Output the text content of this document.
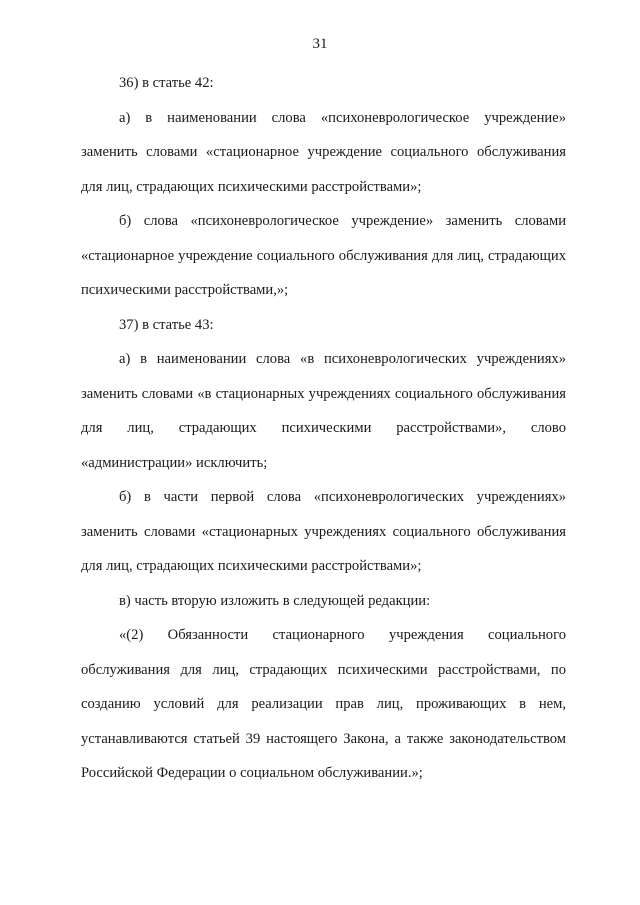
31

36) в статье 42:

а) в наименовании слова «психоневрологическое учреждение» заменить словами «стационарное учреждение социального обслуживания для лиц, страдающих психическими расстройствами»;

б) слова «психоневрологическое учреждение» заменить словами «стационарное учреждение социального обслуживания для лиц, страдающих психическими расстройствами,»;

37) в статье 43:

а) в наименовании слова «в психоневрологических учреждениях» заменить словами «в стационарных учреждениях социального обслуживания для лиц, страдающих психическими расстройствами», слово «администрации» исключить;

б) в части первой слова «психоневрологических учреждениях» заменить словами «стационарных учреждениях социального обслуживания для лиц, страдающих психическими расстройствами»;

в) часть вторую изложить в следующей редакции:

«(2) Обязанности стационарного учреждения социального обслуживания для лиц, страдающих психическими расстройствами, по созданию условий для реализации прав лиц, проживающих в нем, устанавливаются статьей 39 настоящего Закона, а также законодательством Российской Федерации о социальном обслуживании.»;
